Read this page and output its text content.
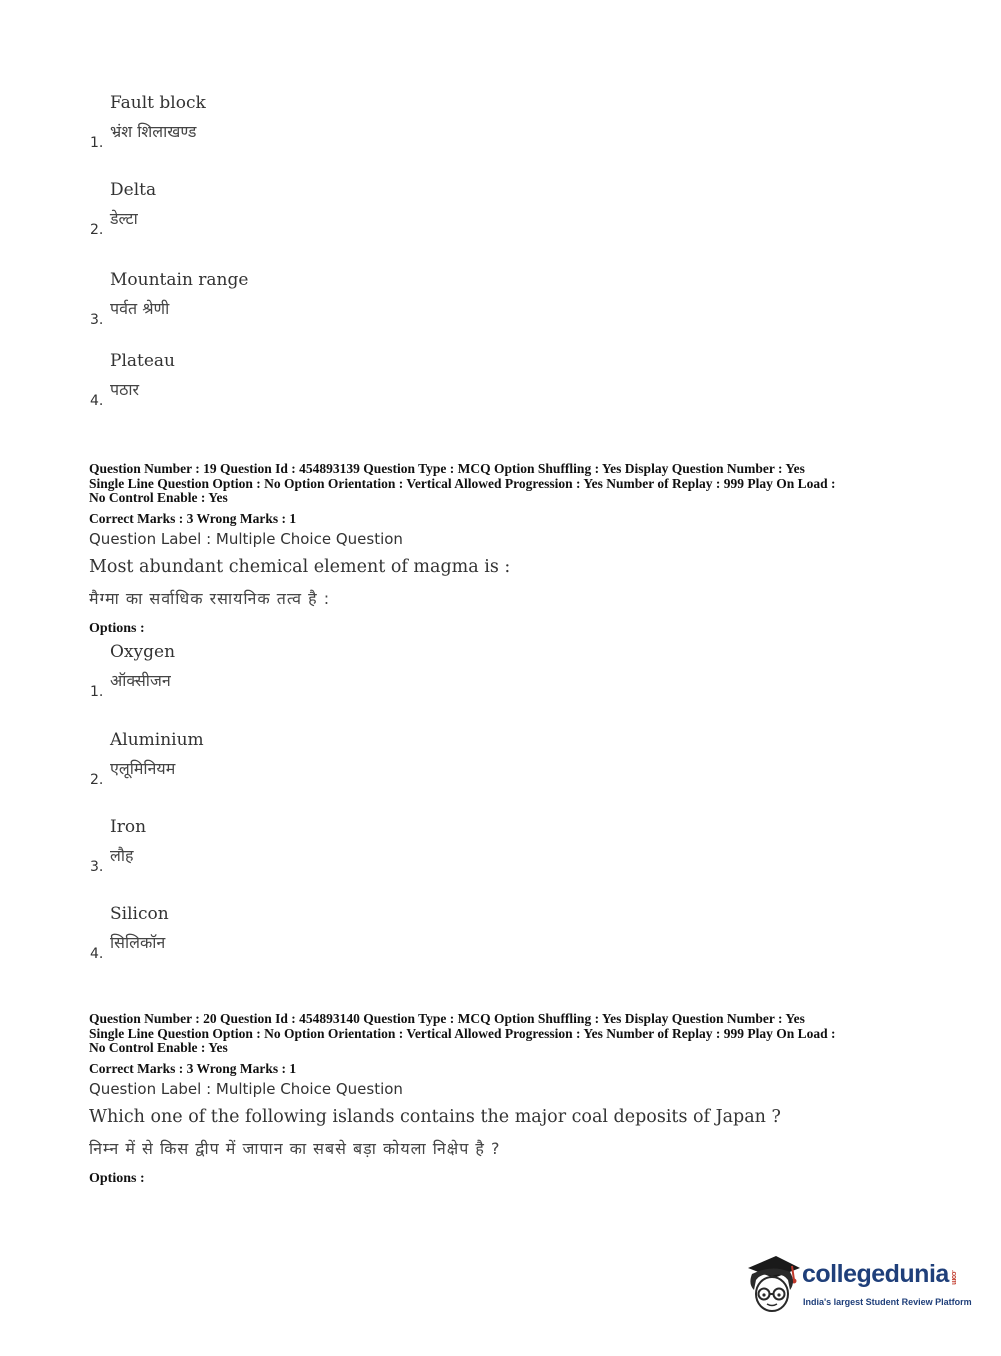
Fault block
भ्रंश शिलाखण्ड
1.
Delta
डेल्टा
2.
Mountain range
पर्वत श्रेणी
3.
Plateau
पठार
4.
Question Number : 19 Question Id : 454893139 Question Type : MCQ Option Shuffling : Yes Display Question Number : Yes
Single Line Question Option : No Option Orientation : Vertical Allowed Progression : Yes Number of Replay : 999 Play On Load :
No Control Enable : Yes
Correct Marks : 3 Wrong Marks : 1
Question Label : Multiple Choice Question
Most abundant chemical element of magma is :
मैग्मा का सर्वाधिक रसायनिक तत्व है :
Options :
Oxygen
ऑक्सीजन
1.
Aluminium
एलूमिनियम
2.
Iron
लौह
3.
Silicon
सिलिकॉन
4.
Question Number : 20 Question Id : 454893140 Question Type : MCQ Option Shuffling : Yes Display Question Number : Yes
Single Line Question Option : No Option Orientation : Vertical Allowed Progression : Yes Number of Replay : 999 Play On Load :
No Control Enable : Yes
Correct Marks : 3 Wrong Marks : 1
Question Label : Multiple Choice Question
Which one of the following islands contains the major coal deposits of Japan ?
निम्न में से किस द्वीप में जापान का सबसे बड़ा कोयला निक्षेप है ?
Options :
collegedunia .com
India's largest Student Review Platform
